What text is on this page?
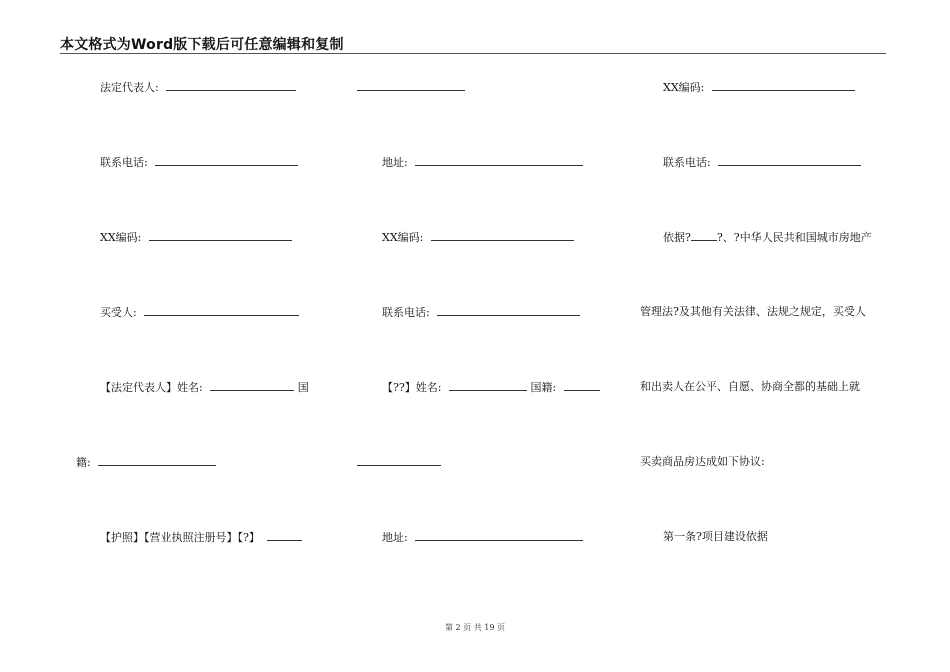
本文格式为Word版下载后可任意编辑和复制
法定代表人:
联系电话:
XX编码:
买受人:
【法定代表人】姓名:	国
籍:
【护照】【营业执照注册号】【?】
地址:
XX编码:
联系电话:
【??】姓名:	国籍:
地址:
XX编码:
联系电话:
依据? ?、?中华人民共和国城市房地产
管理法?及其他有关法律、法规之规定，买受人
和出卖人在公平、自愿、协商全都的基础上就
买卖商品房达成如下协议:
第一条?项目建设依据
第 2 页 共 19 页
